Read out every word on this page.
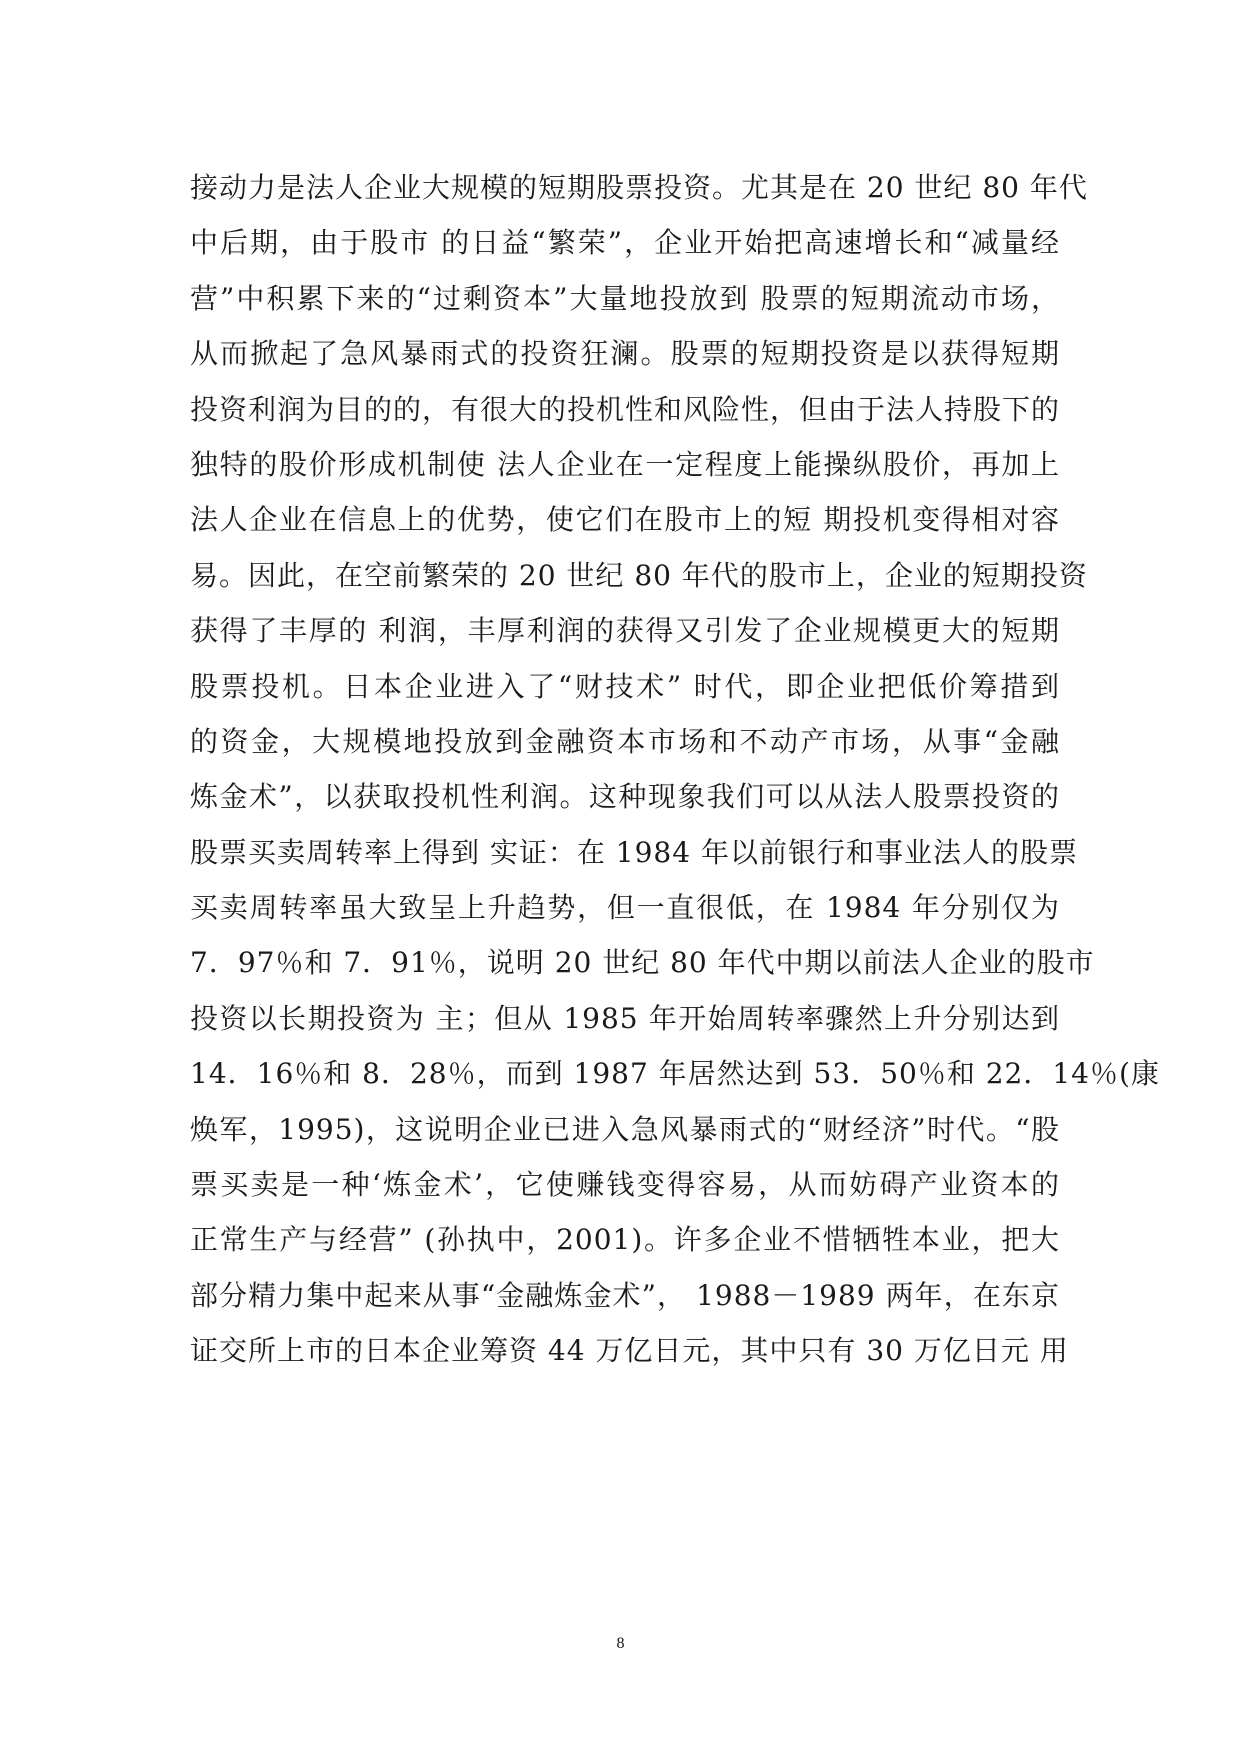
接动力是法人企业大规模的短期股票投资。尤其是在 20 世纪 80 年代
中后期，由于股市 的日益“繁荣”，企业开始把高速增长和“减量经
营”中积累下来的“过剩资本”大量地投放到 股票的短期流动市场，
从而掀起了急风暴雨式的投资狂澜。股票的短期投资是以获得短期
投资利润为目的的，有很大的投机性和风险性，但由于法人持股下的
独特的股价形成机制使 法人企业在一定程度上能操纵股价，再加上
法人企业在信息上的优势，使它们在股市上的短 期投机变得相对容
易。因此，在空前繁荣的 20 世纪 80 年代的股市上，企业的短期投资
获得了丰厚的 利润，丰厚利润的获得又引发了企业规模更大的短期
股票投机。日本企业进入了“财技术” 时代，即企业把低价筹措到
的资金，大规模地投放到金融资本市场和不动产市场，从事“金融
炼金术”，以获取投机性利润。这种现象我们可以从法人股票投资的
股票买卖周转率上得到 实证：在 1984 年以前银行和事业法人的股票
买卖周转率虽大致呈上升趋势，但一直很低，在 1984 年分别仅为
7．97％和 7．91％，说明 20 世纪 80 年代中期以前法人企业的股市
投资以长期投资为 主；但从 1985 年开始周转率骤然上升分别达到
14．16％和 8．28％，而到 1987 年居然达到 53．50％和 22．14％(康
焕军，1995)，这说明企业已进入急风暴雨式的“财经济”时代。“股
票买卖是一种‘炼金术’，它使赚钱变得容易，从而妨碍产业资本的
正常生产与经营” (孙执中，2001)。许多企业不惜牺牲本业，把大
部分精力集中起来从事“金融炼金术”， 1988－1989 两年，在东京
证交所上市的日本企业筹资 44 万亿日元，其中只有 30 万亿日元 用
8
